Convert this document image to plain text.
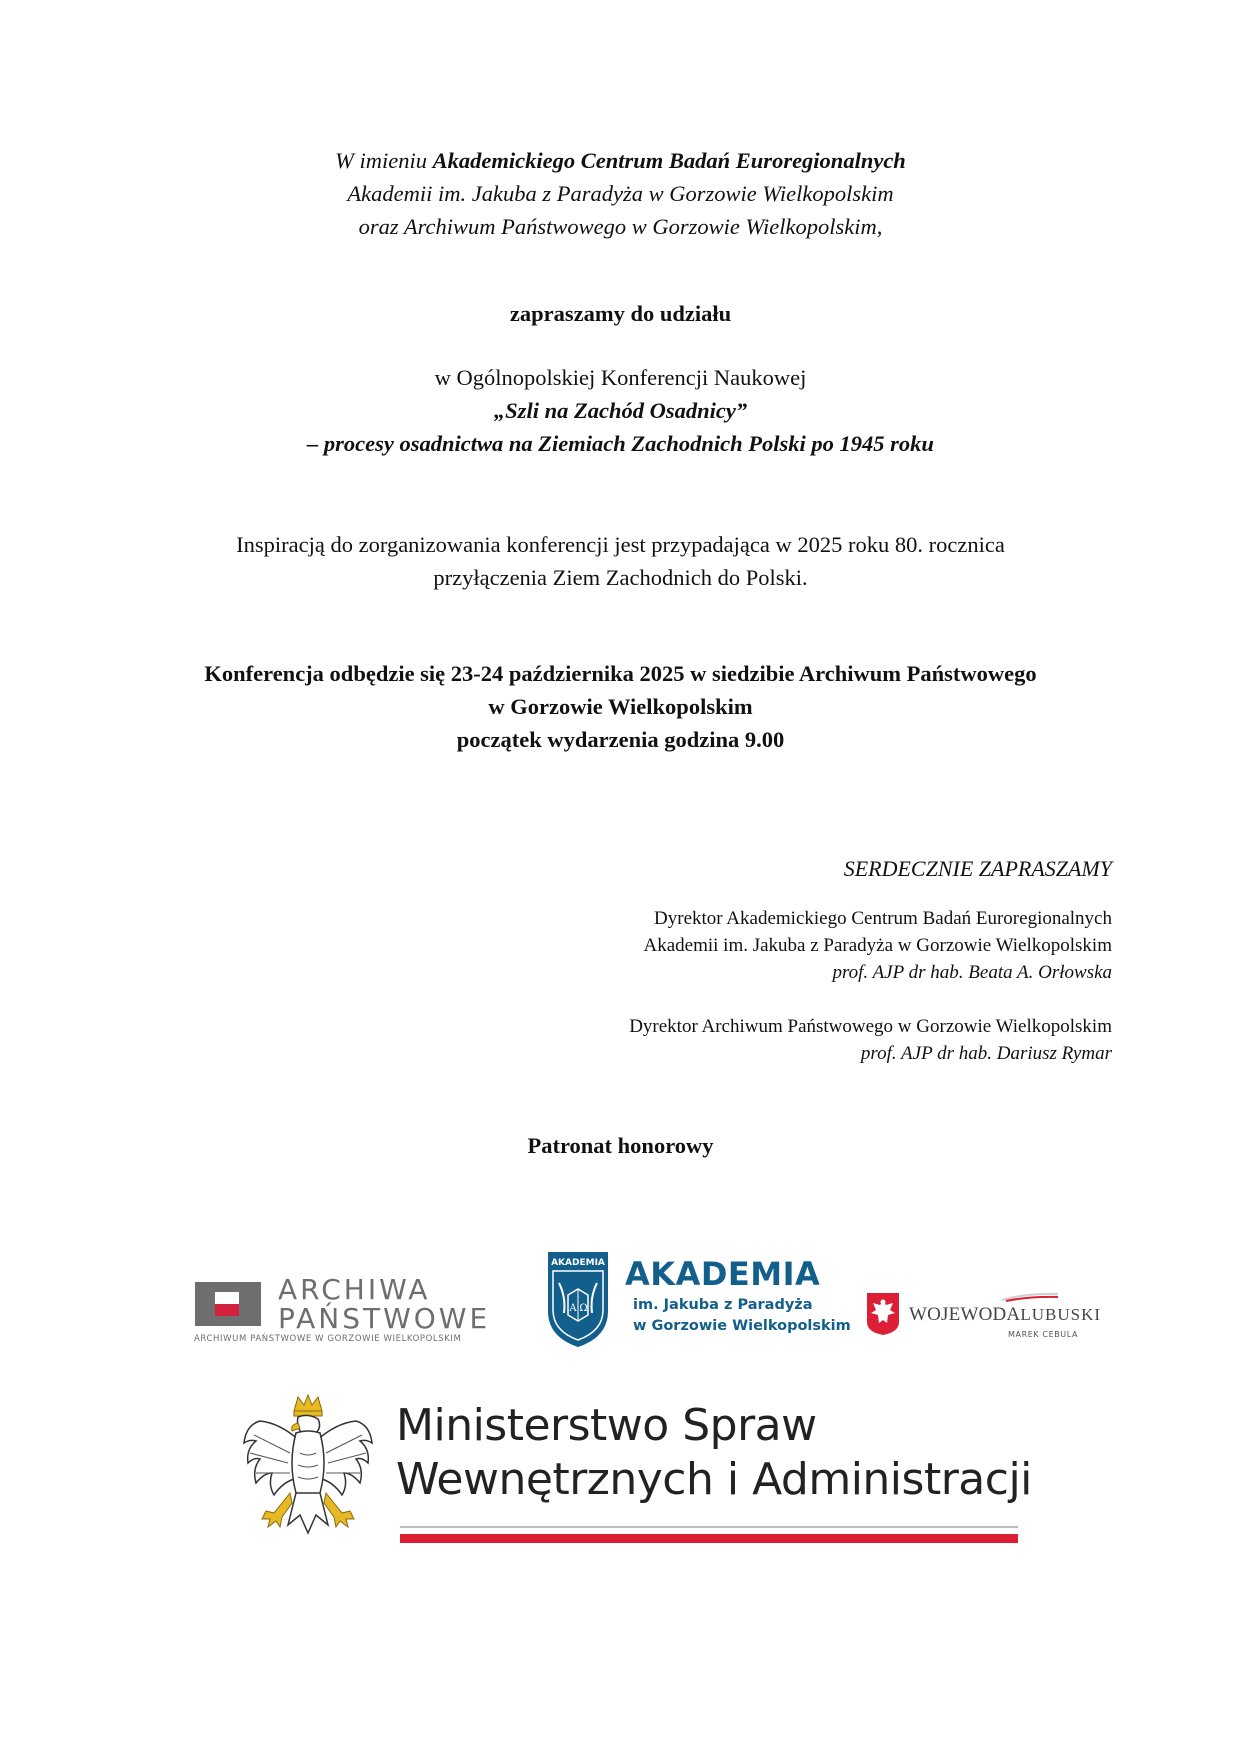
W imieniu Akademickiego Centrum Badań Euroregionalnych
Akademii im. Jakuba z Paradyża w Gorzowie Wielkopolskim
oraz Archiwum Państwowego w Gorzowie Wielkopolskim,
zapraszamy do udziału
w Ogólnopolskiej Konferencji Naukowej
„Szli na Zachód Osadnicy”
– procesy osadnictwa na Ziemiach Zachodnich Polski po 1945 roku
Inspiracją do zorganizowania konferencji jest przypadająca w 2025 roku 80. rocznica
przyłączenia Ziem Zachodnich do Polski.
Konferencja odbędzie się 23-24 października 2025 w siedzibie Archiwum Państwowego
w Gorzowie Wielkopolskim
początek wydarzenia godzina 9.00
SERDECZNIE ZAPRASZAMY
Dyrektor Akademickiego Centrum Badań Euroregionalnych
Akademii im. Jakuba z Paradyża w Gorzowie Wielkopolskim
prof. AJP dr hab. Beata A. Orłowska
Dyrektor Archiwum Państwowego w Gorzowie Wielkopolskim
prof. AJP dr hab. Dariusz Rymar
Patronat honorowy
ARCHIWA
PAŃSTWOWE
ARCHIWUM PAŃSTWOWE W GORZOWIE WIELKOPOLSKIM
AKADEMIA
Α Ω
AKADEMIA
im. Jakuba z Paradyża
w Gorzowie Wielkopolskim
WOJEWODALUBUSKI
MAREK CEBULA
Ministerstwo Spraw
Wewnętrznych i Administracji
